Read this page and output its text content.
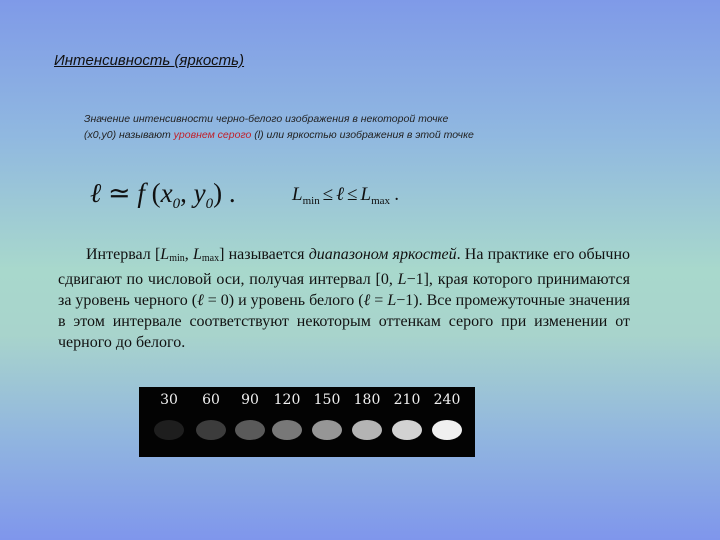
Интенсивность (яркость)
Значение интенсивности черно-белого изображения в некоторой точке
(x0,y0) называют уровнем серого (l) или яркостью изображения в этой точке
ℓ ≃ f ($x_0$, $y_0$) .	$L_{min}$ ≤ ℓ ≤ $L_{max}$ .
Интервал [$L_{min}$, $L_{max}$] называется диапазоном яркостей. На практике его обычно сдвигают по числовой оси, получая интервал [0, L−1], края которого принимаются за уровень черного (ℓ = 0) и уровень белого (ℓ = L−1). Все промежуточные значения в этом интервале соответствуют некоторым оттенкам серого при изменении от черного до белого.
30	60	90	120 150 180 210 240
